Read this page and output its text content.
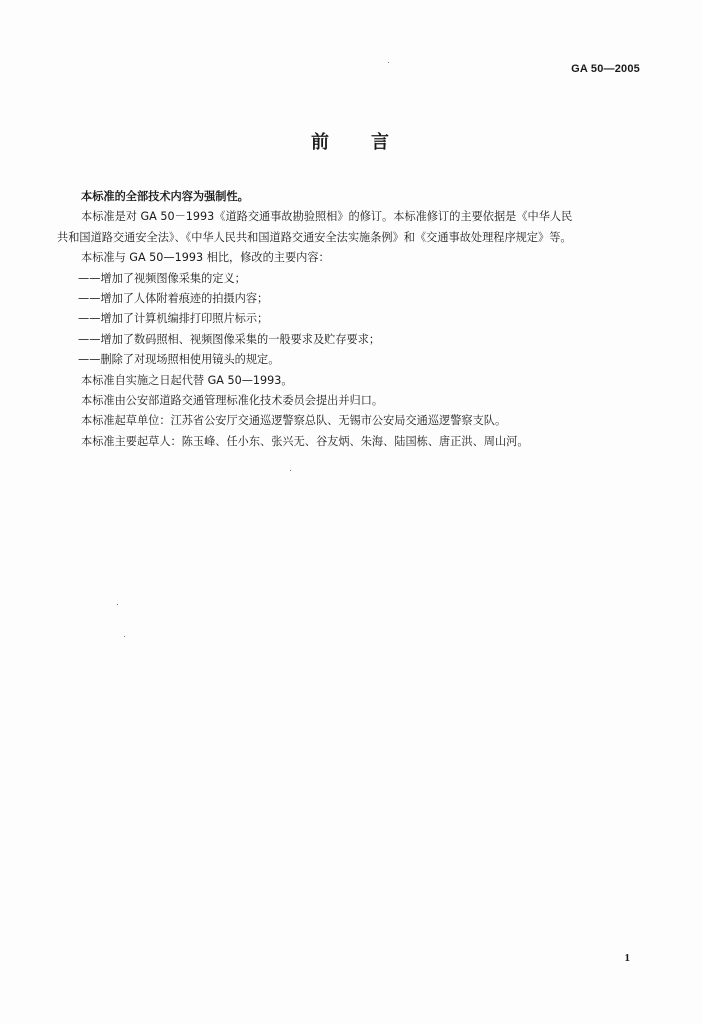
GA 50—2005
前 言
本标准的全部技术内容为强制性。
本标准是对 GA 50－1993《道路交通事故勘验照相》的修订。本标准修订的主要依据是《中华人民
共和国道路交通安全法》、《中华人民共和国道路交通安全法实施条例》和《交通事故处理程序规定》等。
本标准与 GA 50—1993 相比，修改的主要内容：
——增加了视频图像采集的定义；
——增加了人体附着痕迹的拍摄内容；
——增加了计算机编排打印照片标示；
——增加了数码照相、视频图像采集的一般要求及贮存要求；
——删除了对现场照相使用镜头的规定。
本标准自实施之日起代替 GA 50—1993。
本标准由公安部道路交通管理标准化技术委员会提出并归口。
本标准起草单位：江苏省公安厅交通巡逻警察总队、无锡市公安局交通巡逻警察支队。
本标准主要起草人：陈玉峰、任小东、张兴无、谷友炳、朱海、陆国栋、唐正洪、周山河。
1
